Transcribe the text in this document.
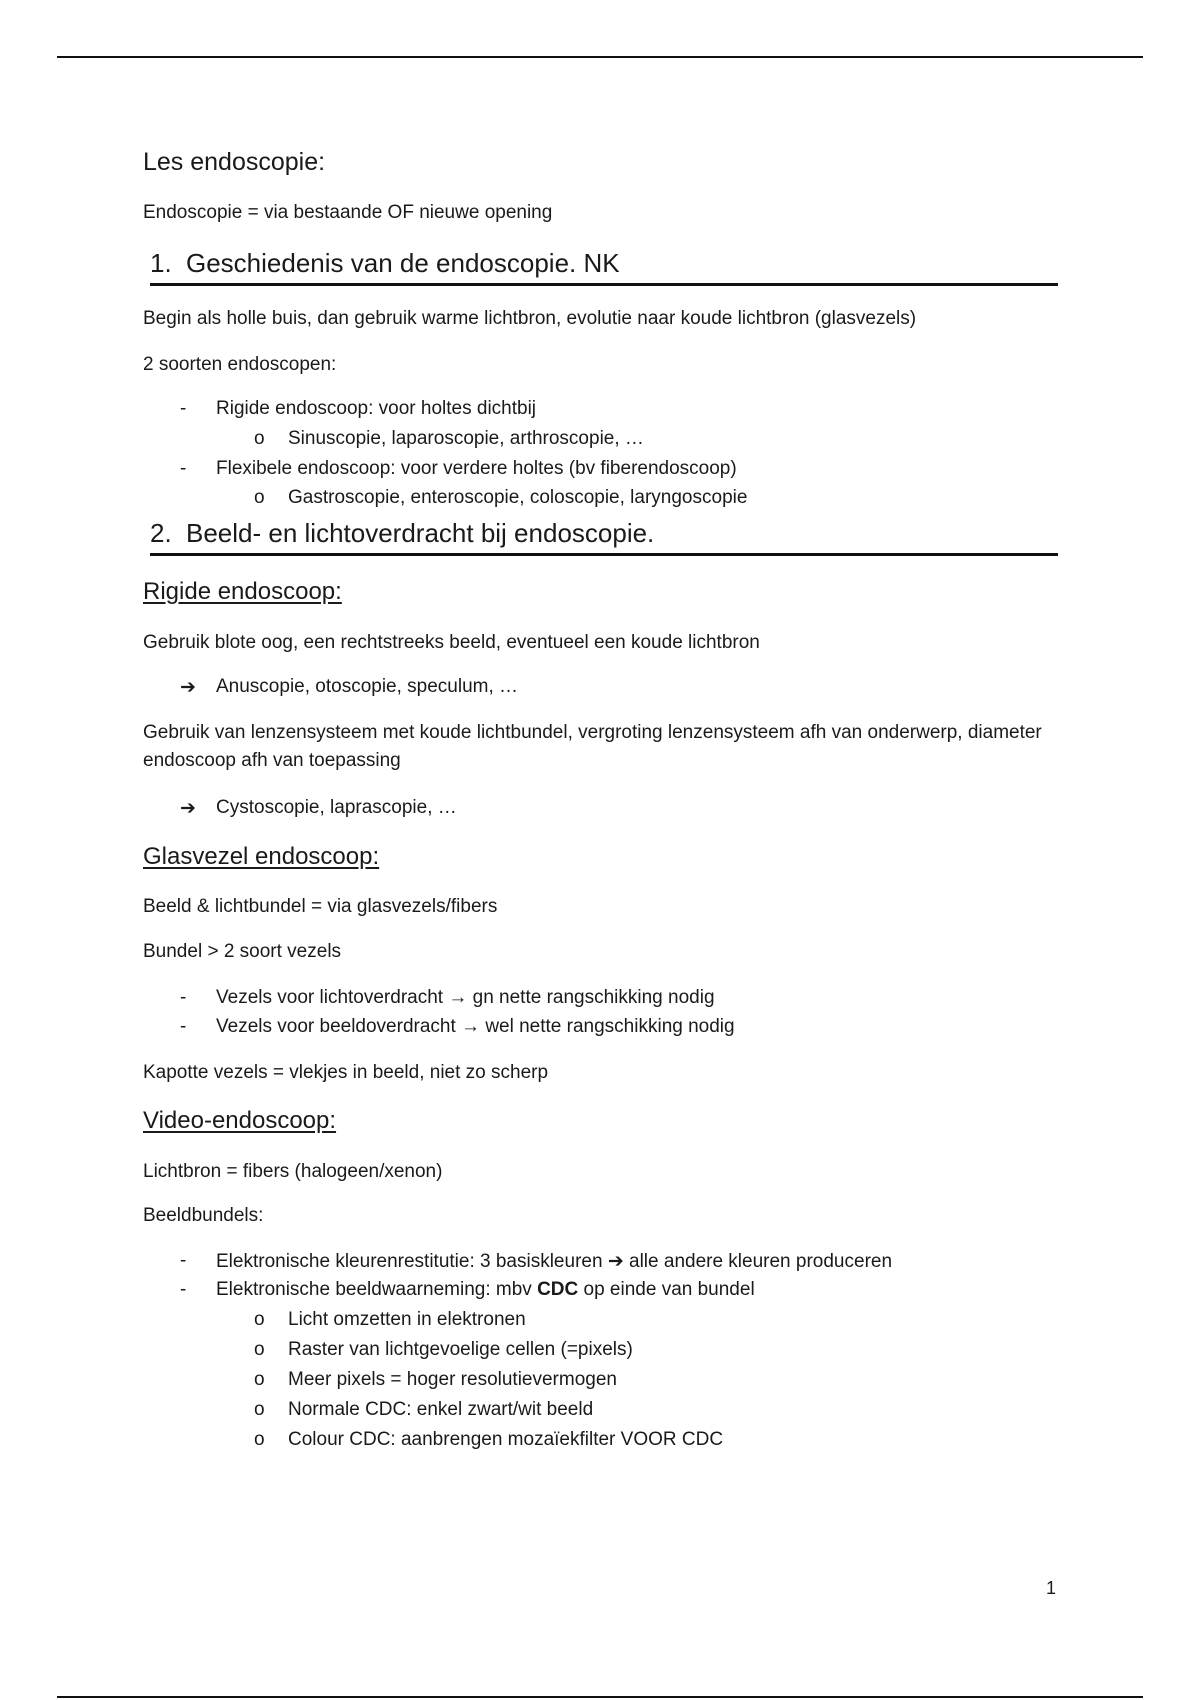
Les endoscopie:
Endoscopie = via bestaande OF nieuwe opening
1. Geschiedenis van de endoscopie. NK
Begin als holle buis, dan gebruik warme lichtbron, evolutie naar koude lichtbron (glasvezels)
2 soorten endoscopen:
- Rigide endoscoop: voor holtes dichtbij
o Sinuscopie, laparoscopie, arthroscopie, …
- Flexibele endoscoop: voor verdere holtes (bv fiberendoscoop)
o Gastroscopie, enteroscopie, coloscopie, laryngoscopie
2. Beeld- en lichtoverdracht bij endoscopie.
Rigide endoscoop:
Gebruik blote oog, een rechtstreeks beeld, eventueel een koude lichtbron
➔ Anuscopie, otoscopie, speculum, …
Gebruik van lenzensysteem met koude lichtbundel, vergroting lenzensysteem afh van onderwerp, diameter endoscoop afh van toepassing
➔ Cystoscopie, laprascopie, …
Glasvezel endoscoop:
Beeld & lichtbundel = via glasvezels/fibers
Bundel > 2 soort vezels
- Vezels voor lichtoverdracht → gn nette rangschikking nodig
- Vezels voor beeldoverdracht → wel nette rangschikking nodig
Kapotte vezels = vlekjes in beeld, niet zo scherp
Video-endoscoop:
Lichtbron = fibers (halogeen/xenon)
Beeldbundels:
- Elektronische kleurenrestitutie: 3 basiskleuren ➔ alle andere kleuren produceren
- Elektronische beeldwaarneming: mbv CDC op einde van bundel
o Licht omzetten in elektronen
o Raster van lichtgevoelige cellen (=pixels)
o Meer pixels = hoger resolutievermogen
o Normale CDC: enkel zwart/wit beeld
o Colour CDC: aanbrengen mozaïekfilter VOOR CDC
1
